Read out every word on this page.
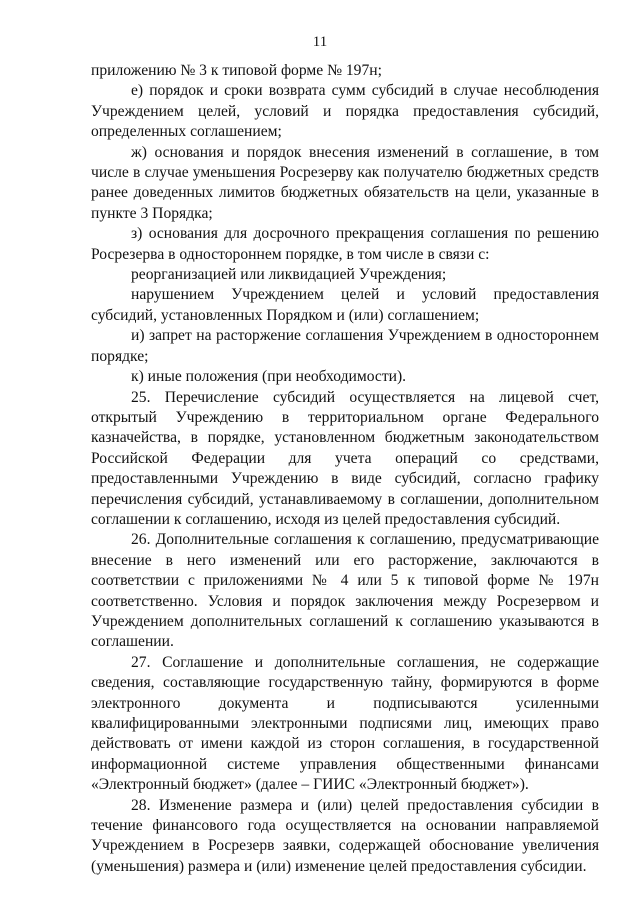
11

приложению № 3 к типовой форме № 197н;

е) порядок и сроки возврата сумм субсидий в случае несоблюдения Учреждением целей, условий и порядка предоставления субсидий, определенных соглашением;

ж) основания и порядок внесения изменений в соглашение, в том числе в случае уменьшения Росрезерву как получателю бюджетных средств ранее доведенных лимитов бюджетных обязательств на цели, указанные в пункте 3 Порядка;

з) основания для досрочного прекращения соглашения по решению Росрезерва в одностороннем порядке, в том числе в связи с:

реорганизацией или ликвидацией Учреждения;

нарушением Учреждением целей и условий предоставления субсидий, установленных Порядком и (или) соглашением;

и) запрет на расторжение соглашения Учреждением в одностороннем порядке;

к) иные положения (при необходимости).

25. Перечисление субсидий осуществляется на лицевой счет, открытый Учреждению в территориальном органе Федерального казначейства, в порядке, установленном бюджетным законодательством Российской Федерации для учета операций со средствами, предоставленными Учреждению в виде субсидий, согласно графику перечисления субсидий, устанавливаемому в соглашении, дополнительном соглашении к соглашению, исходя из целей предоставления субсидий.

26. Дополнительные соглашения к соглашению, предусматривающие внесение в него изменений или его расторжение, заключаются в соответствии с приложениями № 4 или 5 к типовой форме № 197н соответственно. Условия и порядок заключения между Росрезервом и Учреждением дополнительных соглашений к соглашению указываются в соглашении.

27. Соглашение и дополнительные соглашения, не содержащие сведения, составляющие государственную тайну, формируются в форме электронного документа и подписываются усиленными квалифицированными электронными подписями лиц, имеющих право действовать от имени каждой из сторон соглашения, в государственной информационной системе управления общественными финансами «Электронный бюджет» (далее – ГИИС «Электронный бюджет»).

28. Изменение размера и (или) целей предоставления субсидии в течение финансового года осуществляется на основании направляемой Учреждением в Росрезерв заявки, содержащей обоснование увеличения (уменьшения) размера и (или) изменение целей предоставления субсидии.
